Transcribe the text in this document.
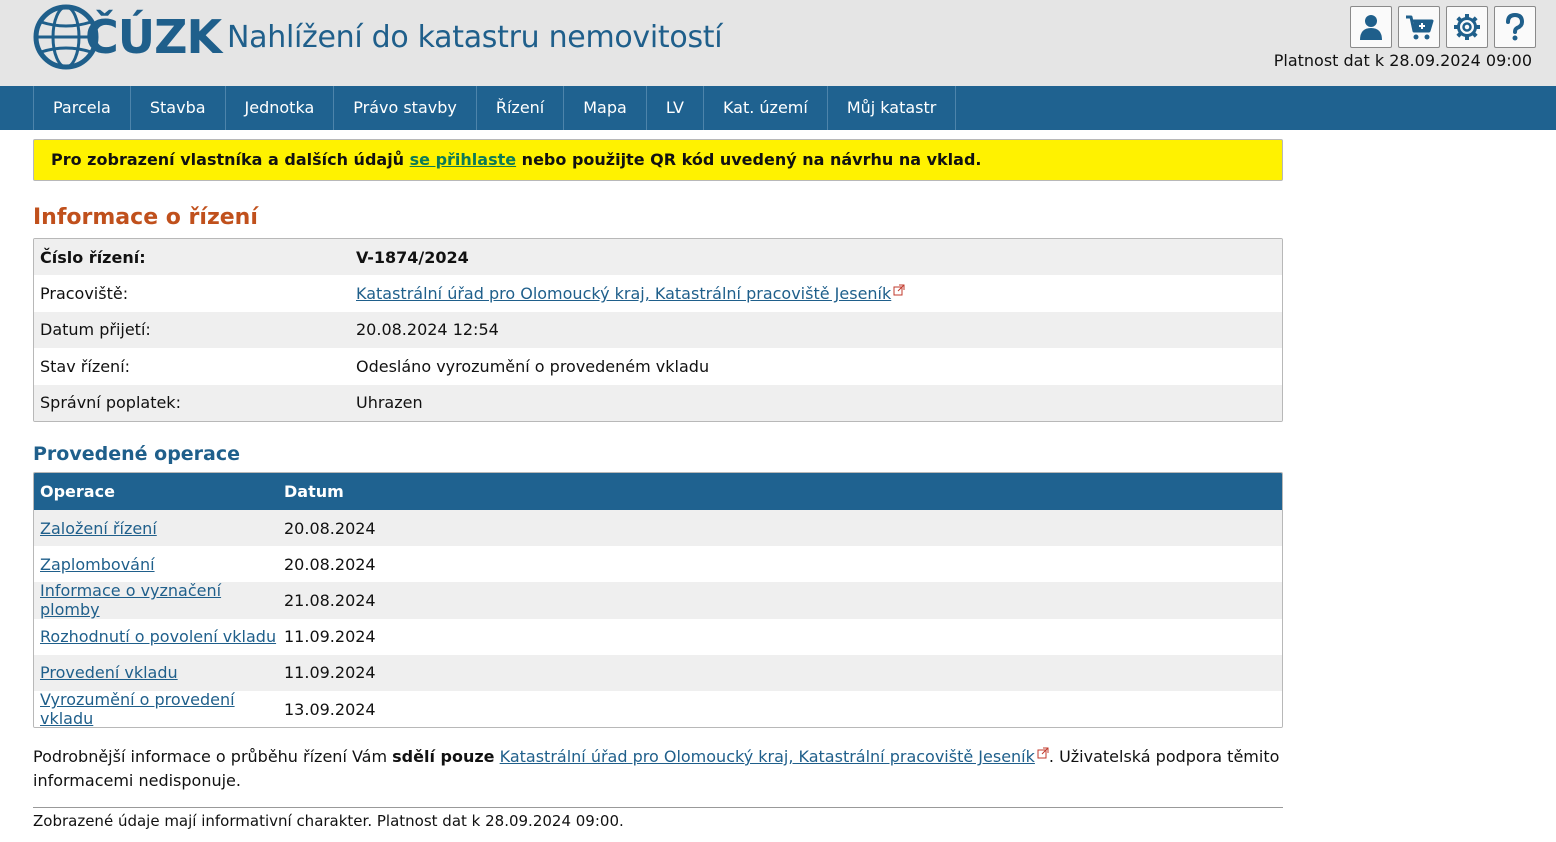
ČÚZK Nahlížení do katastru nemovitostí
Platnost dat k 28.09.2024 09:00
Parcela	Stavba	Jednotka	Právo stavby	Řízení	Mapa	LV	Kat. území	Můj katastr
Pro zobrazení vlastníka a dalších údajů se přihlaste nebo použijte QR kód uvedený na návrhu na vklad.
Informace o řízení
Číslo řízení:	V-1874/2024
Pracoviště:	Katastrální úřad pro Olomoucký kraj, Katastrální pracoviště Jeseník
Datum přijetí:	20.08.2024 12:54
Stav řízení:	Odesláno vyrozumění o provedeném vkladu
Správní poplatek:	Uhrazen
Provedené operace
Operace	Datum
Založení řízení	20.08.2024
Zaplombování	20.08.2024
Informace o vyznačení plomby	21.08.2024
Rozhodnutí o povolení vkladu 11.09.2024
Provedení vkladu	11.09.2024
Vyrozumění o provedení vkladu	13.09.2024
Podrobnější informace o průběhu řízení Vám sdělí pouze Katastrální úřad pro Olomoucký kraj, Katastrální pracoviště Jeseník . Uživatelská podpora těmito informacemi nedisponuje.
Zobrazené údaje mají informativní charakter. Platnost dat k 28.09.2024 09:00.
